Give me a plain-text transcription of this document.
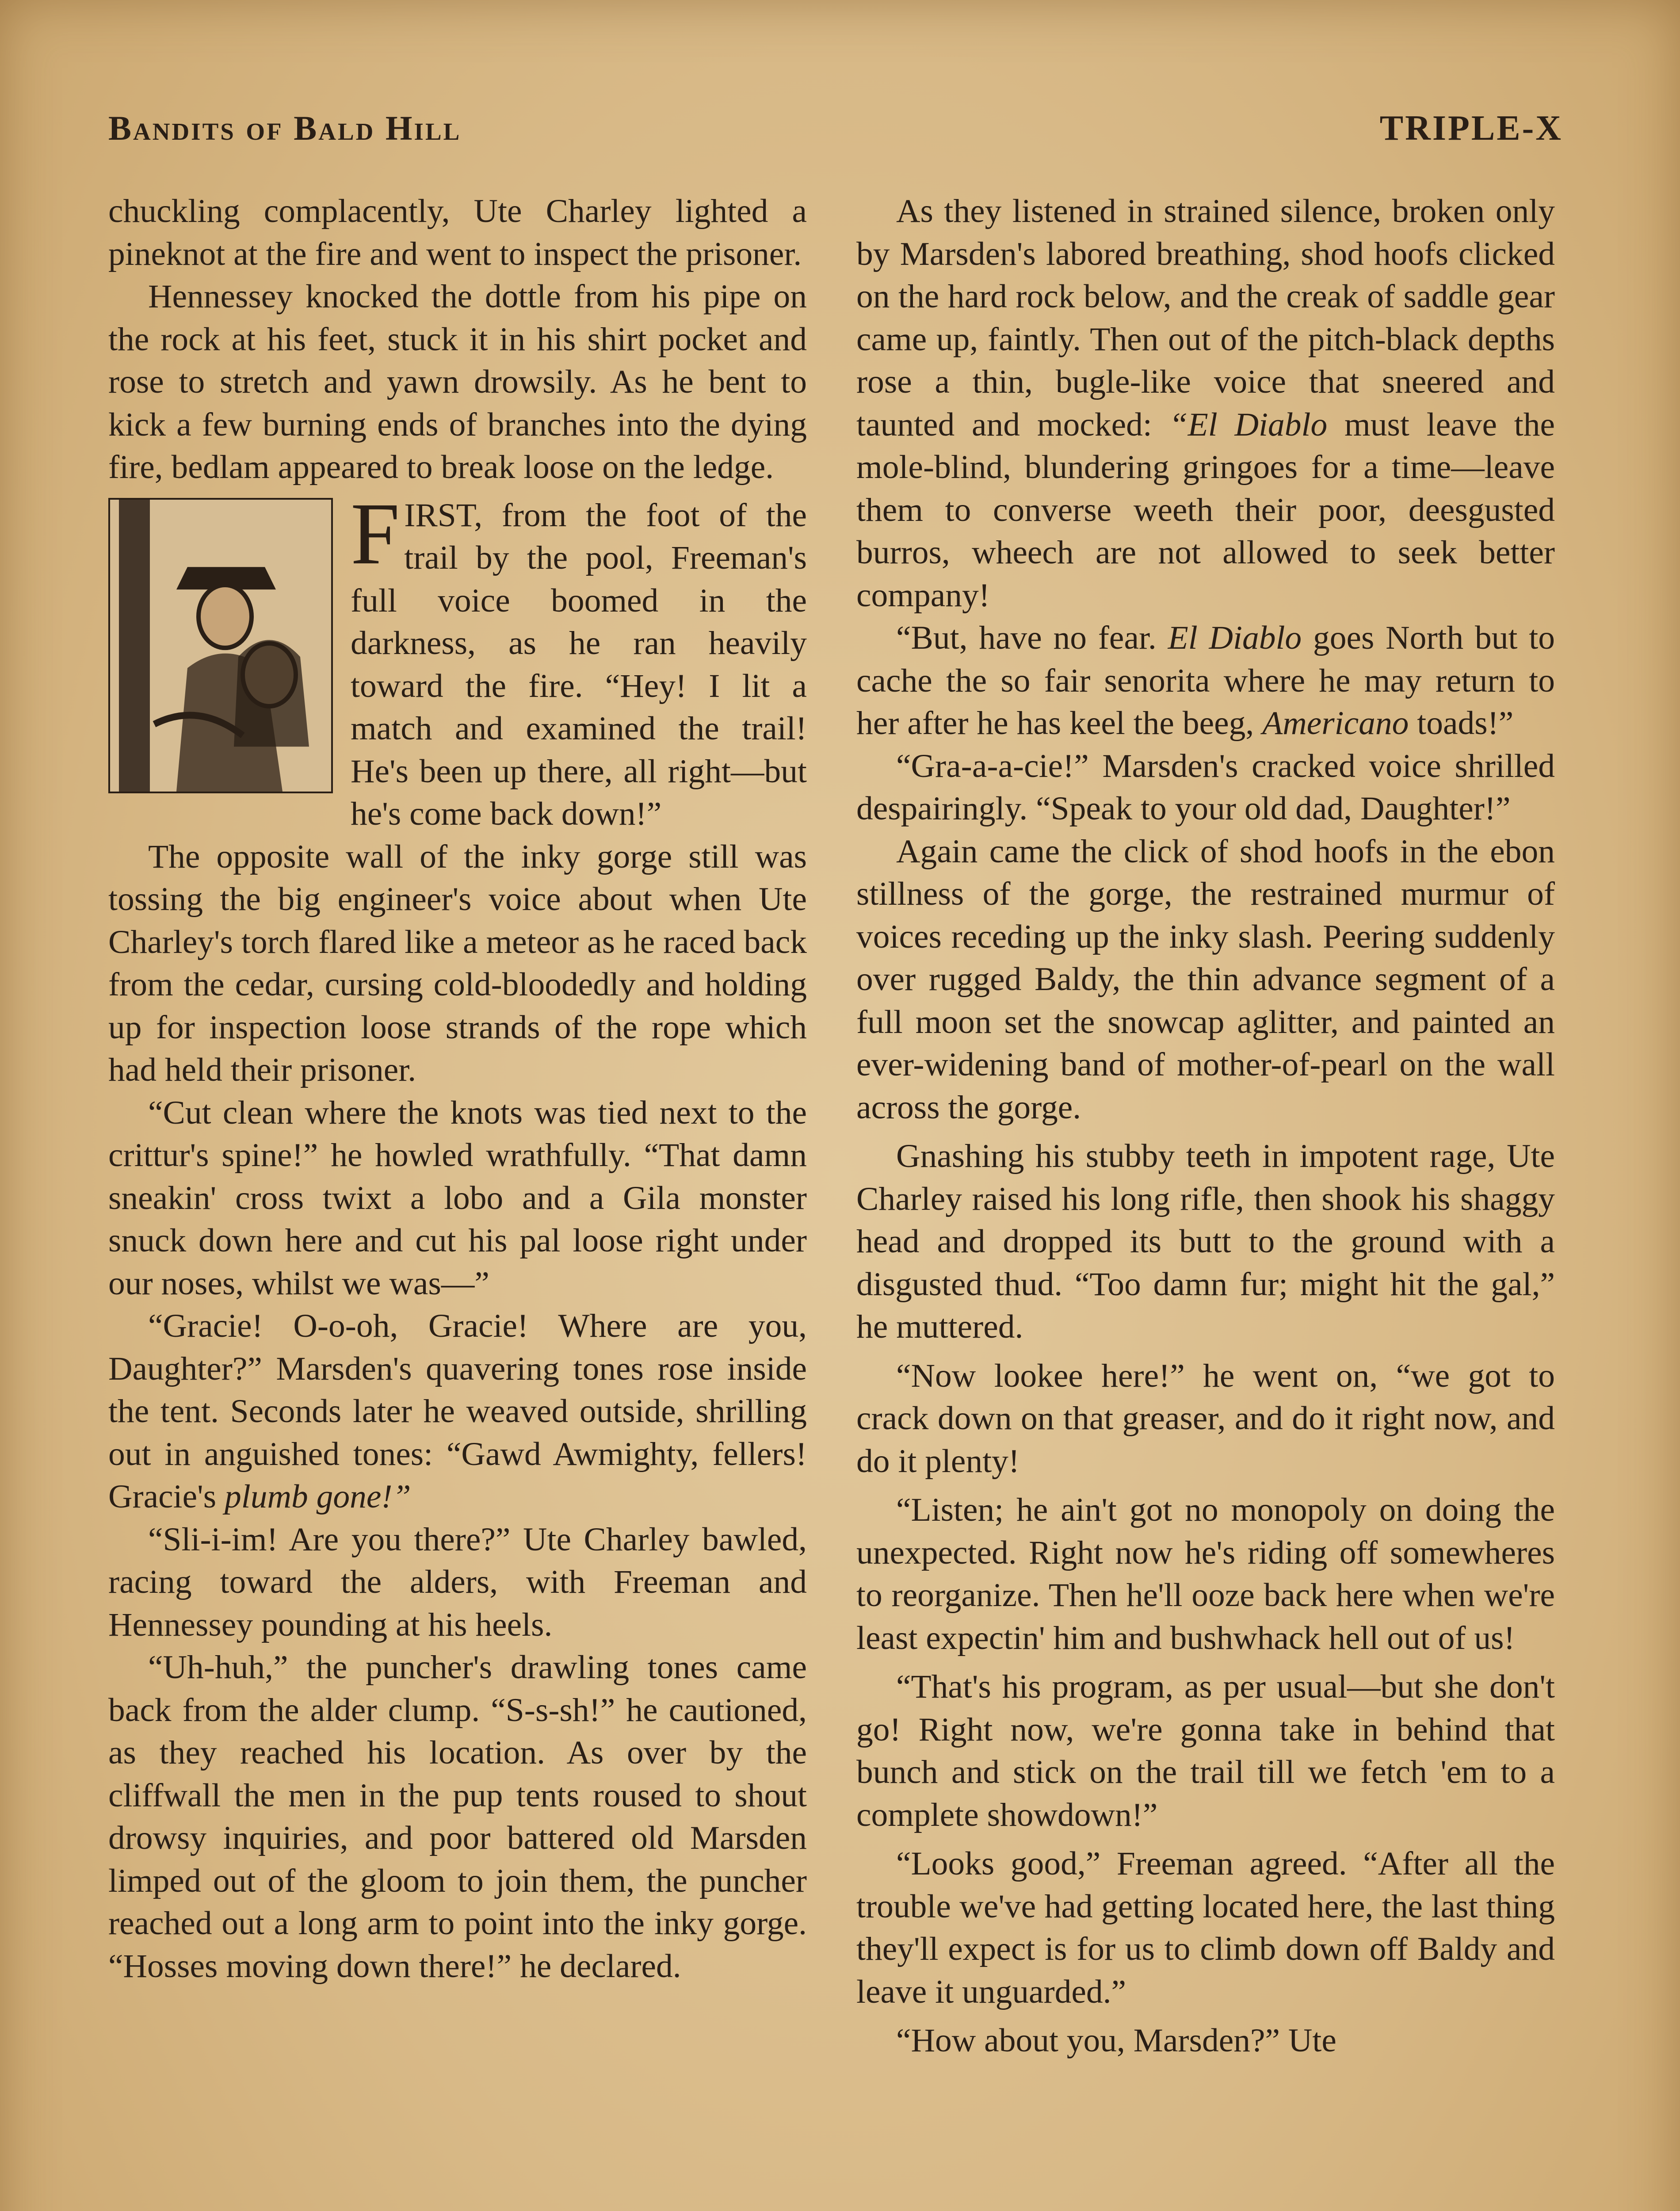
Bandits of Bald Hill	TRIPLE-X

chuckling complacently, Ute Charley lighted a pineknot at the fire and went to inspect the prisoner.

Hennessey knocked the dottle from his pipe on the rock at his feet, stuck it in his shirt pocket and rose to stretch and yawn drowsily. As he bent to kick a few burning ends of branches into the dying fire, bedlam appeared to break loose on the ledge.

F IRST, from the foot of the trail by the pool, Freeman's full voice boomed in the darkness, as he ran heavily toward the fire. “Hey! I lit a match and examined the trail! He's been up there, all right—but he's come back down!”

The opposite wall of the inky gorge still was tossing the big engineer's voice about when Ute Charley's torch flared like a meteor as he raced back from the cedar, cursing cold-bloodedly and holding up for inspection loose strands of the rope which had held their prisoner.

“Cut clean where the knots was tied next to the crittur's spine!” he howled wrathfully. “That damn sneakin' cross twixt a lobo and a Gila monster snuck down here and cut his pal loose right under our noses, whilst we was—”

“Gracie! O-o-oh, Gracie! Where are you, Daughter?” Marsden's quavering tones rose inside the tent. Seconds later he weaved outside, shrilling out in anguished tones: “Gawd Awmighty, fellers! Gracie's plumb gone!”

“Sli-i-im! Are you there?” Ute Charley bawled, racing toward the alders, with Freeman and Hennessey pounding at his heels.

“Uh-huh,” the puncher's drawling tones came back from the alder clump. “S-s-sh!” he cautioned, as they reached his location. As over by the cliffwall the men in the pup tents roused to shout drowsy inquiries, and poor battered old Marsden limped out of the gloom to join them, the puncher reached out a long arm to point into the inky gorge. “Hosses moving down there!” he declared.

As they listened in strained silence, broken only by Marsden's labored breathing, shod hoofs clicked on the hard rock below, and the creak of saddle gear came up, faintly. Then out of the pitch-black depths rose a thin, bugle-like voice that sneered and taunted and mocked: “El Diablo must leave the mole-blind, blundering gringoes for a time—leave them to converse weeth their poor, deesgusted burros, wheech are not allowed to seek better company!

“But, have no fear. El Diablo goes North but to cache the so fair senorita where he may return to her after he has keel the beeg, Americano toads!”

“Gra-a-a-cie!” Marsden's cracked voice shrilled despairingly. “Speak to your old dad, Daughter!”

Again came the click of shod hoofs in the ebon stillness of the gorge, the restrained murmur of voices receding up the inky slash. Peering suddenly over rugged Baldy, the thin advance segment of a full moon set the snowcap aglitter, and painted an ever-widening band of mother-of-pearl on the wall across the gorge.

Gnashing his stubby teeth in impotent rage, Ute Charley raised his long rifle, then shook his shaggy head and dropped its butt to the ground with a disgusted thud. “Too damn fur; might hit the gal,” he muttered.

“Now lookee here!” he went on, “we got to crack down on that greaser, and do it right now, and do it plenty!

“Listen; he ain't got no monopoly on doing the unexpected. Right now he's riding off somewheres to reorganize. Then he'll ooze back here when we're least expectin' him and bushwhack hell out of us!

“That's his program, as per usual—but she don't go! Right now, we're gonna take in behind that bunch and stick on the trail till we fetch 'em to a complete showdown!”

“Looks good,” Freeman agreed. “After all the trouble we've had getting located here, the last thing they'll expect is for us to climb down off Baldy and leave it unguarded.”

“How about you, Marsden?” Ute
